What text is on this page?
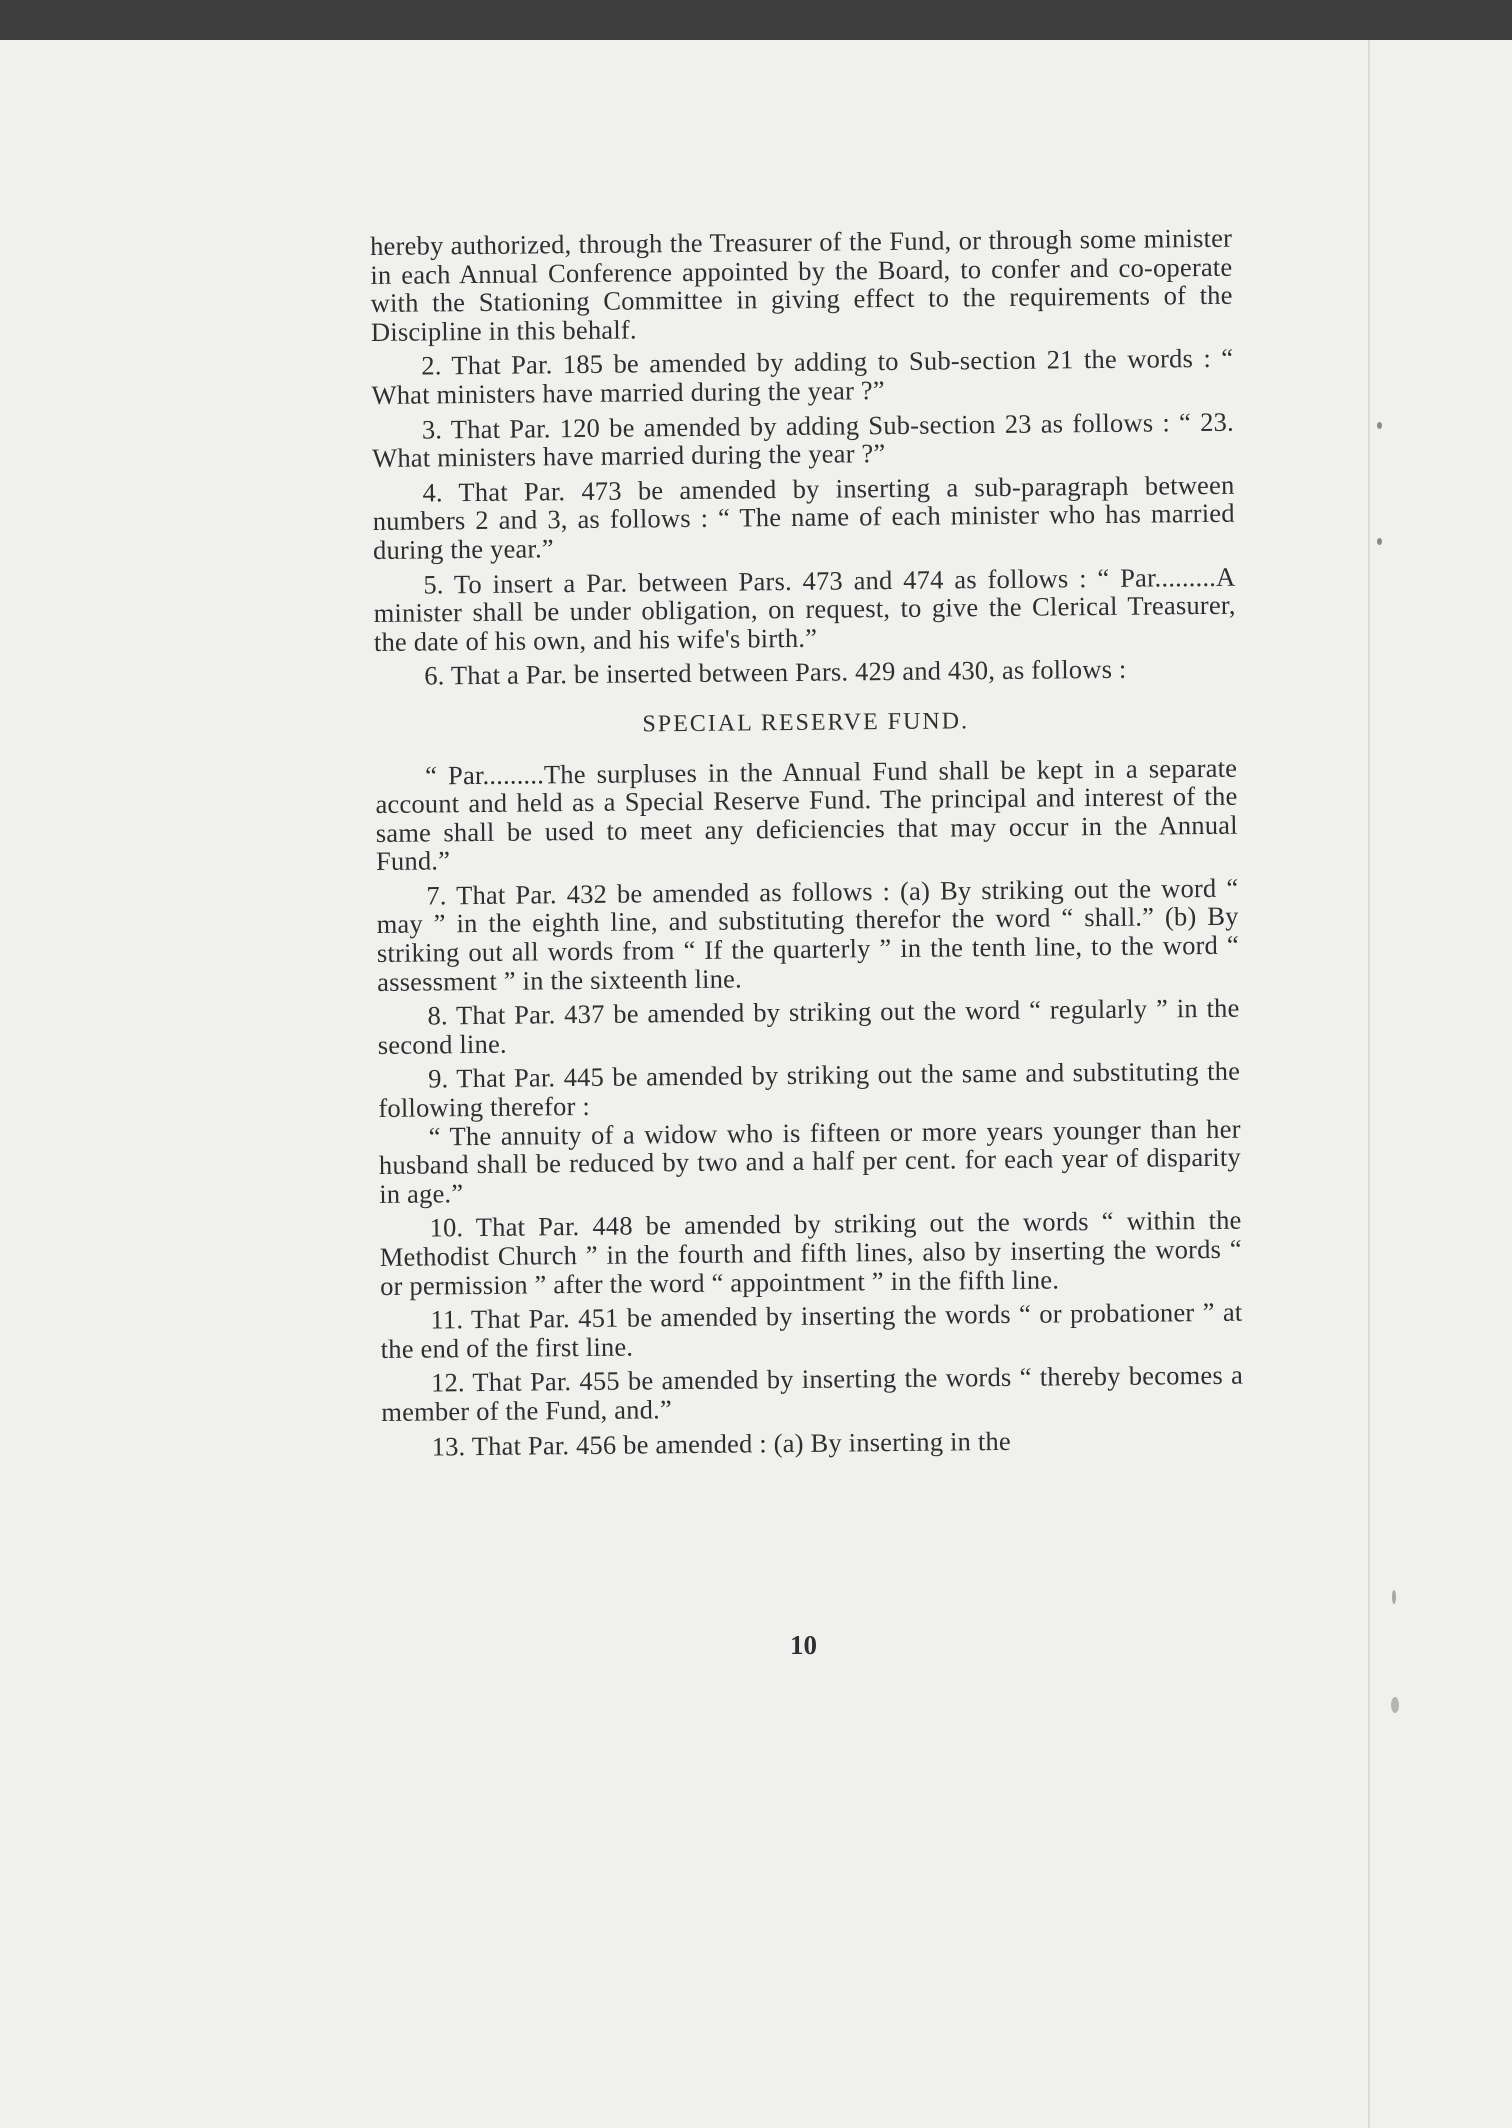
hereby authorized, through the Treasurer of the Fund, or through some minister in each Annual Conference appointed by the Board, to confer and co-operate with the Stationing Committee in giving effect to the requirements of the Discipline in this behalf.

2. That Par. 185 be amended by adding to Sub-section 21 the words : “ What ministers have married during the year ?”

3. That Par. 120 be amended by adding Sub-section 23 as follows : “ 23. What ministers have married during the year ?”

4. That Par. 473 be amended by inserting a sub-paragraph between numbers 2 and 3, as follows : “ The name of each minister who has married during the year.”

5. To insert a Par. between Pars. 473 and 474 as follows : “ Par.........A minister shall be under obligation, on request, to give the Clerical Treasurer, the date of his own, and his wife's birth.”

6. That a Par. be inserted between Pars. 429 and 430, as follows :

SPECIAL RESERVE FUND.

“ Par.........The surpluses in the Annual Fund shall be kept in a separate account and held as a Special Reserve Fund. The principal and interest of the same shall be used to meet any deficiencies that may occur in the Annual Fund.”

7. That Par. 432 be amended as follows : (a) By striking out the word “ may ” in the eighth line, and substituting therefor the word “ shall.” (b) By striking out all words from “ If the quarterly ” in the tenth line, to the word “ assessment ” in the sixteenth line.

8. That Par. 437 be amended by striking out the word “ regularly ” in the second line.

9. That Par. 445 be amended by striking out the same and substituting the following therefor :

“ The annuity of a widow who is fifteen or more years younger than her husband shall be reduced by two and a half per cent. for each year of disparity in age.”

10. That Par. 448 be amended by striking out the words “ within the Methodist Church ” in the fourth and fifth lines, also by inserting the words “ or permission ” after the word “ appointment ” in the fifth line.

11. That Par. 451 be amended by inserting the words “ or probationer ” at the end of the first line.

12. That Par. 455 be amended by inserting the words “ thereby becomes a member of the Fund, and.”

13. That Par. 456 be amended : (a) By inserting in the

10
